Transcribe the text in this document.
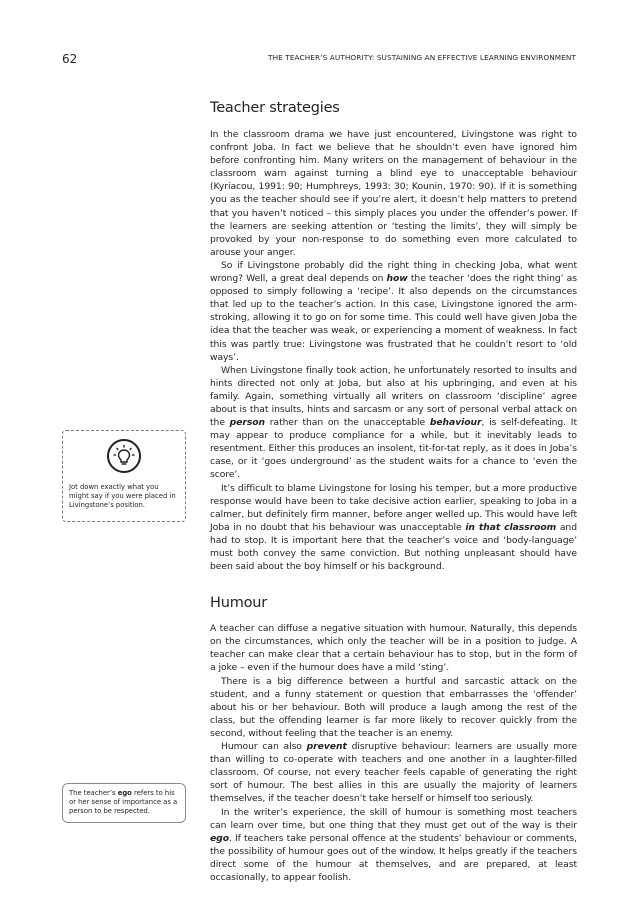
62	THE TEACHER’S AUTHORITY: SUSTAINING AN EFFECTIVE LEARNING ENVIRONMENT
Teacher strategies

In the classroom drama we have just encountered, Livingstone was right to confront Joba. In fact we believe that he shouldn’t even have ignored him before confronting him. Many writers on the management of behaviour in the classroom warn against turning a blind eye to unacceptable behaviour (Kyriacou, 1991: 90; Humphreys, 1993: 30; Kounin, 1970: 90). If it is something you as the teacher should see if you’re alert, it doesn’t help matters to pretend that you haven’t noticed – this simply places you under the offender’s power. If the learners are seeking attention or ‘testing the limits’, they will simply be provoked by your non-response to do something even more calculated to arouse your anger.

So if Livingstone probably did the right thing in checking Joba, what went wrong? Well, a great deal depends on how the teacher ‘does the right thing’ as opposed to simply following a ‘recipe’. It also depends on the circumstances that led up to the teacher’s action. In this case, Livingstone ignored the arm-stroking, allowing it to go on for some time. This could well have given Joba the idea that the teacher was weak, or experiencing a moment of weakness. In fact this was partly true: Livingstone was frustrated that he couldn’t resort to ‘old ways’.

When Livingstone finally took action, he unfortunately resorted to insults and hints directed not only at Joba, but also at his upbringing, and even at his family. Again, something virtually all writers on classroom ‘discipline’ agree about is that insults, hints and sarcasm or any sort of personal verbal attack on the person rather than on the unacceptable behaviour, is self-defeating. It may appear to produce compliance for a while, but it inevitably leads to resentment. Either this produces an insolent, tit-for-tat reply, as it does in Joba’s case, or it ‘goes underground’ as the student waits for a chance to ‘even the score’.

It’s difficult to blame Livingstone for losing his temper, but a more productive response would have been to take decisive action earlier, speaking to Joba in a calmer, but definitely firm manner, before anger welled up. This would have left Joba in no doubt that his behaviour was unacceptable in that classroom and had to stop. It is important here that the teacher’s voice and ‘body-language’ must both convey the same conviction. But nothing unpleasant should have been said about the boy himself or his background.

Humour

A teacher can diffuse a negative situation with humour. Naturally, this depends on the circumstances, which only the teacher will be in a position to judge. A teacher can make clear that a certain behaviour has to stop, but in the form of a joke – even if the humour does have a mild ‘sting’.

There is a big difference between a hurtful and sarcastic attack on the student, and a funny statement or question that embarrasses the ‘offender’ about his or her behaviour. Both will produce a laugh among the rest of the class, but the offending learner is far more likely to recover quickly from the second, without feeling that the teacher is an enemy.

Humour can also prevent disruptive behaviour: learners are usually more than willing to co-operate with teachers and one another in a laughter-filled classroom. Of course, not every teacher feels capable of generating the right sort of humour. The best allies in this are usually the majority of learners themselves, if the teacher doesn’t take herself or himself too seriously.

In the writer’s experience, the skill of humour is something most teachers can learn over time, but one thing that they must get out of the way is their ego. If teachers take personal offence at the students’ behaviour or comments, the possibility of humour goes out of the window. It helps greatly if the teachers direct some of the humour at themselves, and are prepared, at least occasionally, to appear foolish.

Jot down exactly what you might say if you were placed in Livingstone’s position.
The teacher’s ego refers to his or her sense of importance as a person to be respected.
